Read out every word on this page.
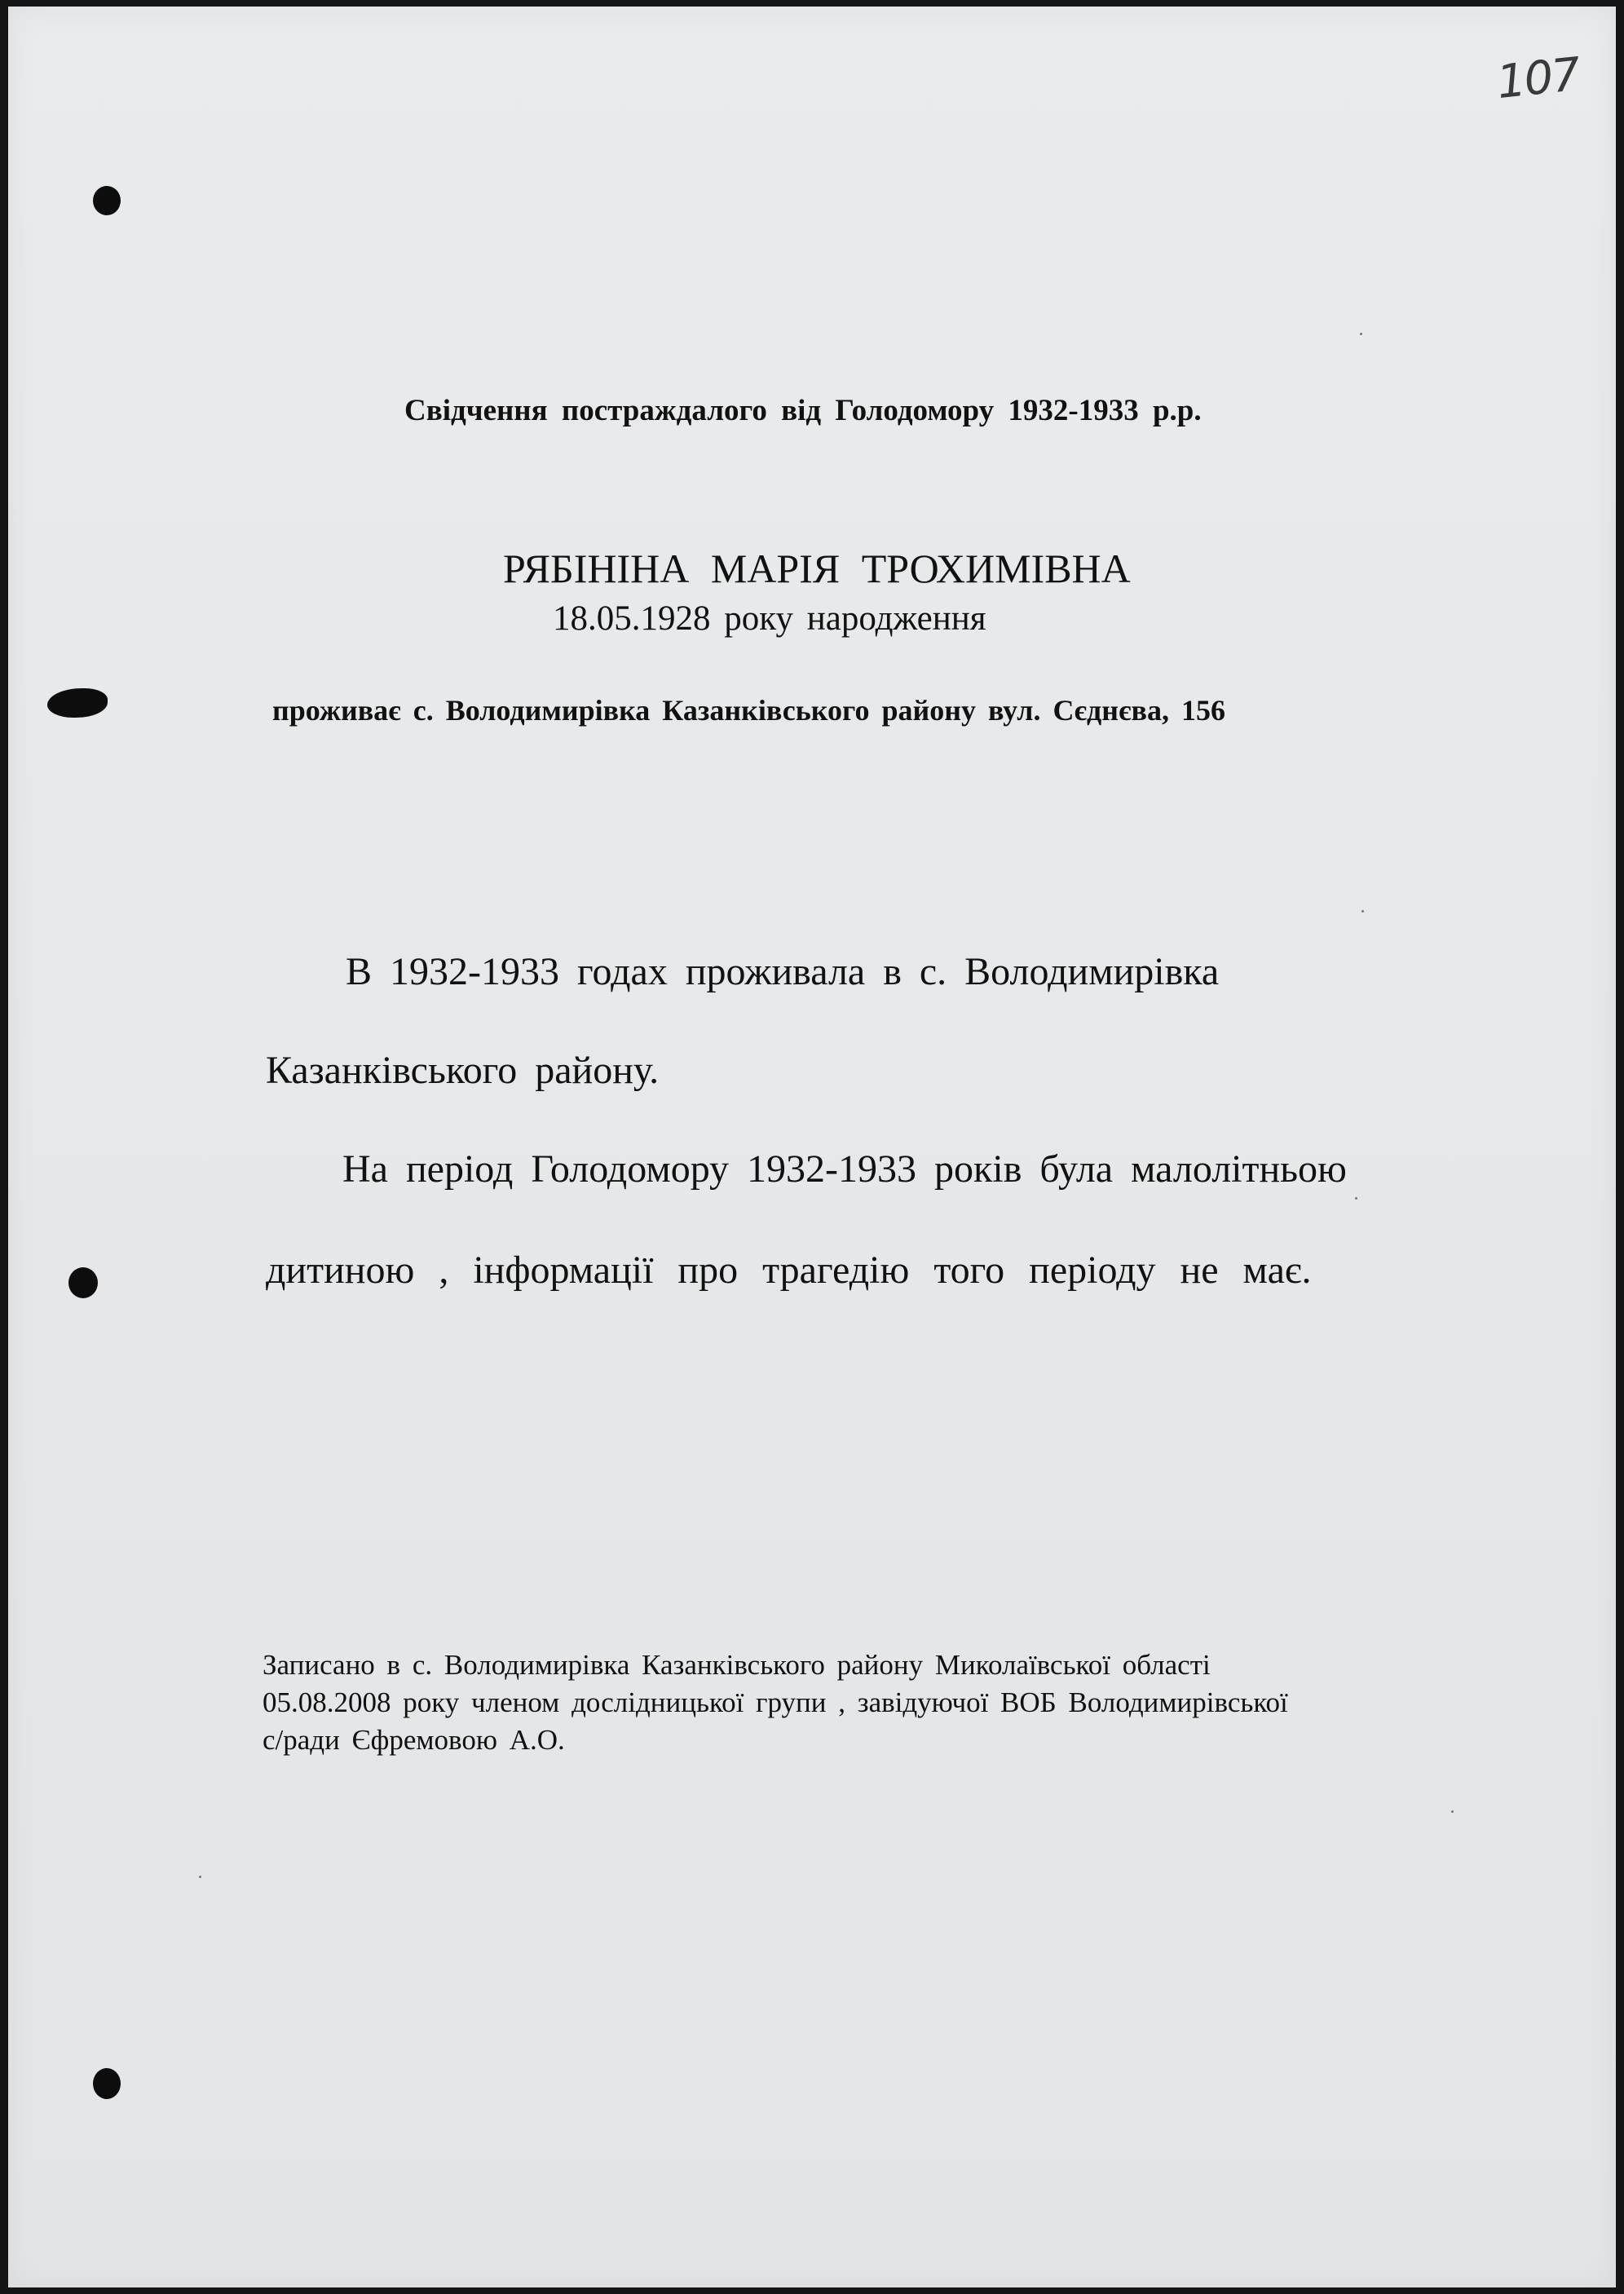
107
Свідчення постраждалого від Голодомору 1932-1933 р.р.
РЯБІНІНА МАРІЯ ТРОХИМІВНА
18.05.1928 року народження
проживає с. Володимирівка Казанківського району вул. Сєднєва, 156
В 1932-1933 годах проживала в с. Володимирівка
Казанківського району.
На період Голодомору 1932-1933 років була малолітньою
дитиною , інформації про трагедію того періоду не має.
Записано в с. Володимирівка Казанківського району Миколаївської області
05.08.2008 року членом дослідницької групи , завідуючої ВОБ Володимирівської
с/ради Єфремовою А.О.
